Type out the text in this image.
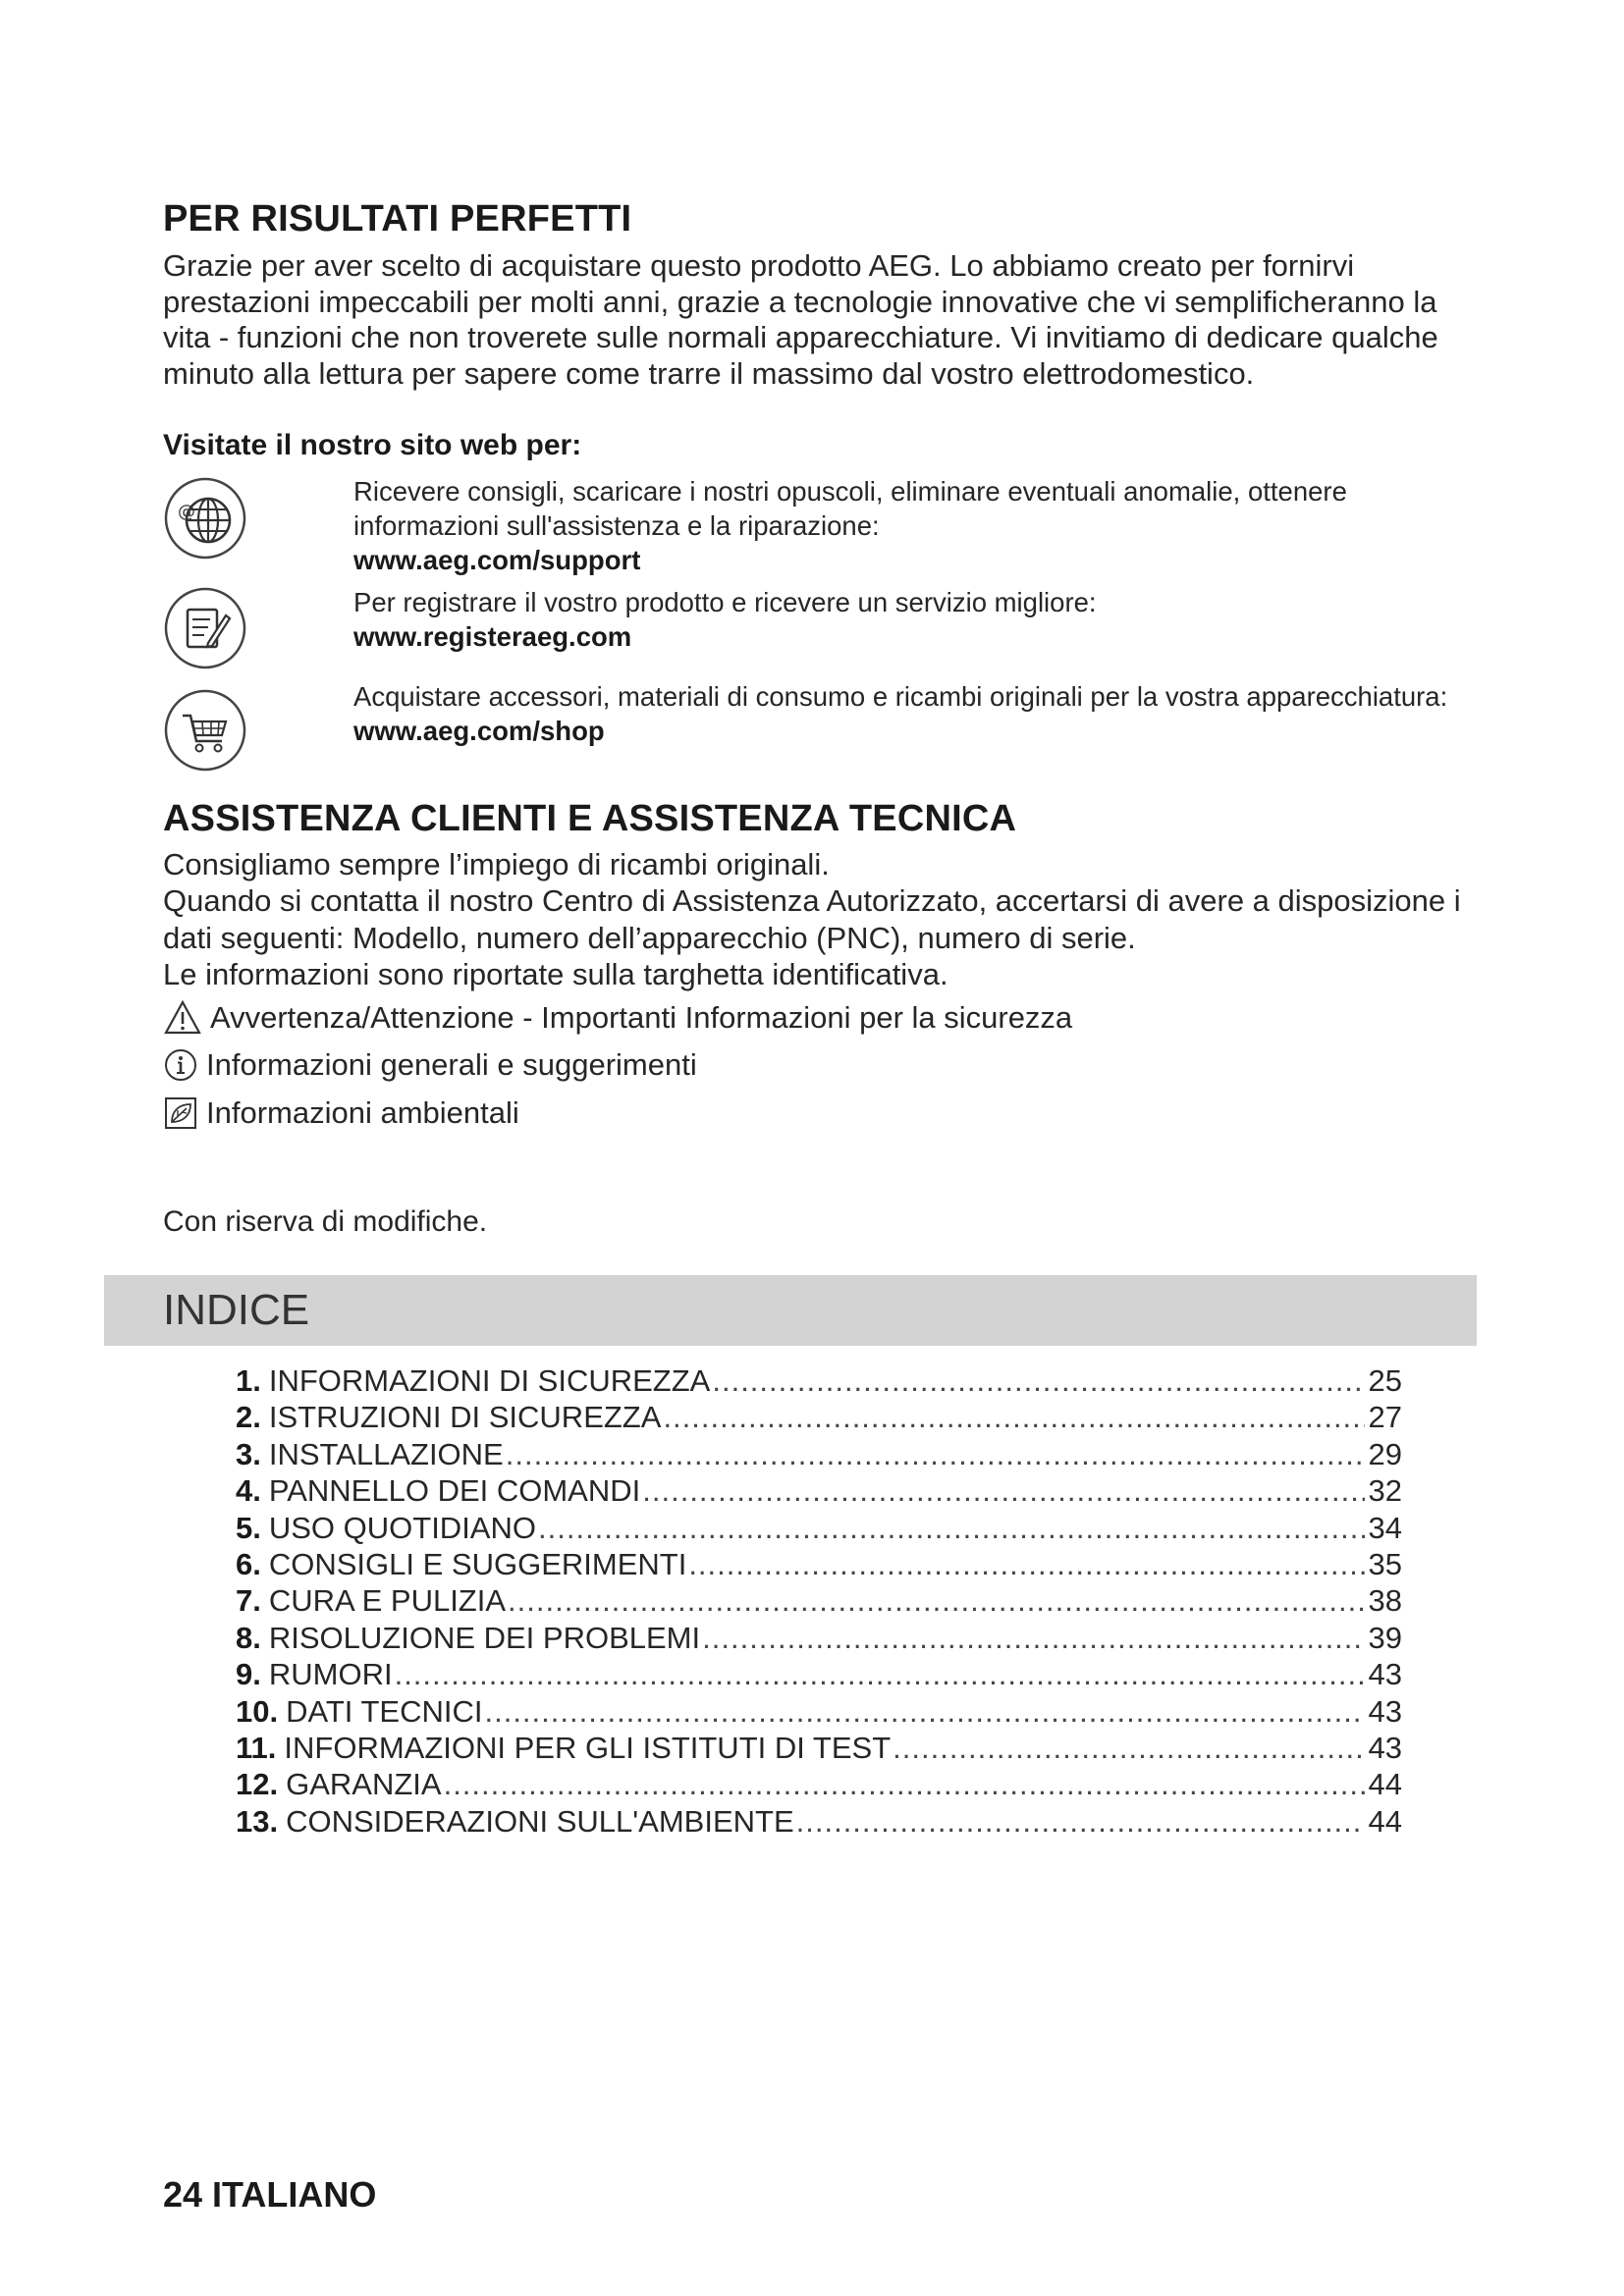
PER RISULTATI PERFETTI
Grazie per aver scelto di acquistare questo prodotto AEG. Lo abbiamo creato per fornirvi prestazioni impeccabili per molti anni, grazie a tecnologie innovative che vi semplificheranno la vita - funzioni che non troverete sulle normali apparecchiature. Vi invitiamo di dedicare qualche minuto alla lettura per sapere come trarre il massimo dal vostro elettrodomestico.
Visitate il nostro sito web per:
@
Ricevere consigli, scaricare i nostri opuscoli, eliminare eventuali anomalie, ottenere informazioni sull'assistenza e la riparazione:
www.aeg.com/support
Per registrare il vostro prodotto e ricevere un servizio migliore:
www.registeraeg.com
Acquistare accessori, materiali di consumo e ricambi originali per la vostra apparecchiatura:
www.aeg.com/shop
ASSISTENZA CLIENTI E ASSISTENZA TECNICA
Consigliamo sempre l’impiego di ricambi originali.
Quando si contatta il nostro Centro di Assistenza Autorizzato, accertarsi di avere a disposizione i dati seguenti: Modello, numero dell’apparecchio (PNC), numero di serie.
Le informazioni sono riportate sulla targhetta identificativa.
Avvertenza/Attenzione - Importanti Informazioni per la sicurezza
Informazioni generali e suggerimenti
Informazioni ambientali
Con riserva di modifiche.
INDICE
1. INFORMAZIONI DI SICUREZZA .....	25
2. ISTRUZIONI DI SICUREZZA .....	27
3. INSTALLAZIONE .....	29
4. PANNELLO DEI COMANDI .....	32
5. USO QUOTIDIANO .....	34
6. CONSIGLI E SUGGERIMENTI .....	35
7. CURA E PULIZIA .....	38
8. RISOLUZIONE DEI PROBLEMI .....	39
9. RUMORI .....	43
10. DATI TECNICI .....	43
11. INFORMAZIONI PER GLI ISTITUTI DI TEST .....	43
12. GARANZIA .....	44
13. CONSIDERAZIONI SULL'AMBIENTE .....	44
24 ITALIANO
